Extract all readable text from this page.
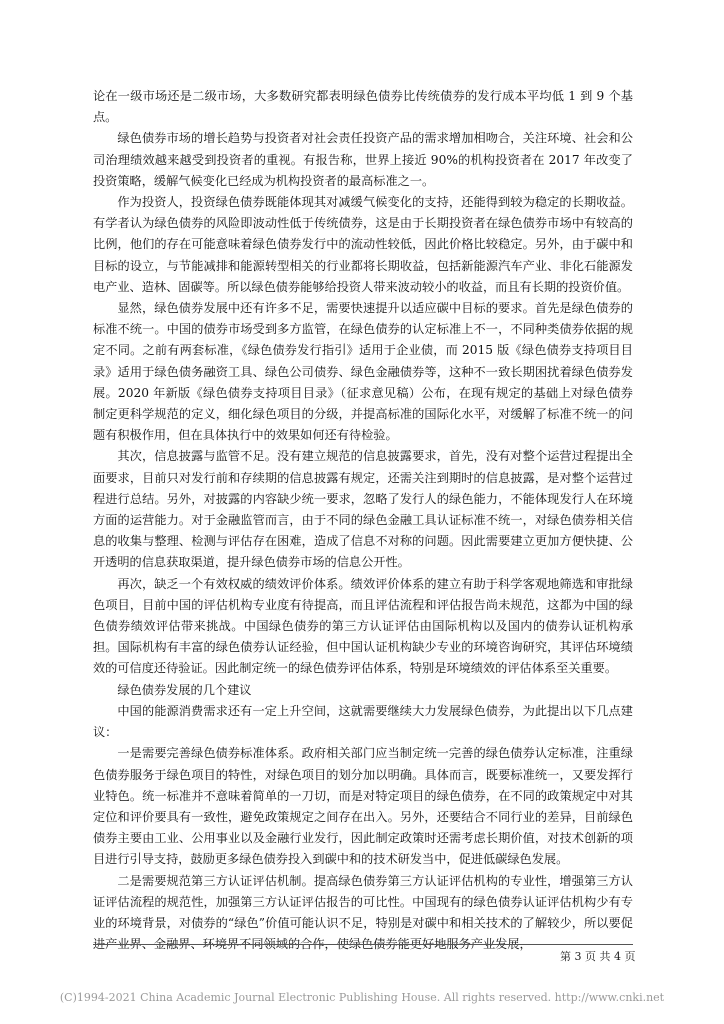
论在一级市场还是二级市场，大多数研究都表明绿色债券比传统债券的发行成本平均低 1 到 9 个基点。

绿色债券市场的增长趋势与投资者对社会责任投资产品的需求增加相吻合，关注环境、社会和公司治理绩效越来越受到投资者的重视。有报告称，世界上接近 90%的机构投资者在 2017 年改变了投资策略，缓解气候变化已经成为机构投资者的最高标准之一。

作为投资人，投资绿色债券既能体现其对减缓气候变化的支持，还能得到较为稳定的长期收益。有学者认为绿色债券的风险即波动性低于传统债券，这是由于长期投资者在绿色债券市场中有较高的比例，他们的存在可能意味着绿色债券发行中的流动性较低，因此价格比较稳定。另外，由于碳中和目标的设立，与节能减排和能源转型相关的行业都将长期收益，包括新能源汽车产业、非化石能源发电产业、造林、固碳等。所以绿色债券能够给投资人带来波动较小的收益，而且有长期的投资价值。

显然，绿色债券发展中还有许多不足，需要快速提升以适应碳中目标的要求。首先是绿色债券的标准不统一。中国的债券市场受到多方监管，在绿色债券的认定标准上不一，不同种类债券依据的规定不同。之前有两套标准，《绿色债券发行指引》适用于企业债，而 2015 版《绿色债券支持项目目录》适用于绿色债务融资工具、绿色公司债券、绿色金融债券等，这种不一致长期困扰着绿色债券发展。2020 年新版《绿色债券支持项目目录》（征求意见稿）公布，在现有规定的基础上对绿色债券制定更科学规范的定义，细化绿色项目的分级，并提高标准的国际化水平，对缓解了标准不统一的问题有积极作用，但在具体执行中的效果如何还有待检验。

其次，信息披露与监管不足。没有建立规范的信息披露要求，首先，没有对整个运营过程提出全面要求，目前只对发行前和存续期的信息披露有规定，还需关注到期时的信息披露，是对整个运营过程进行总结。另外，对披露的内容缺少统一要求，忽略了发行人的绿色能力，不能体现发行人在环境方面的运营能力。对于金融监管而言，由于不同的绿色金融工具认证标准不统一，对绿色债券相关信息的收集与整理、检测与评估存在困难，造成了信息不对称的问题。因此需要建立更加方便快捷、公开透明的信息获取渠道，提升绿色债券市场的信息公开性。

再次，缺乏一个有效权威的绩效评价体系。绩效评价体系的建立有助于科学客观地筛选和审批绿色项目，目前中国的评估机构专业度有待提高，而且评估流程和评估报告尚未规范，这都为中国的绿色债券绩效评估带来挑战。中国绿色债券的第三方认证评估由国际机构以及国内的债券认证机构承担。国际机构有丰富的绿色债券认证经验，但中国认证机构缺少专业的环境咨询研究，其评估环境绩效的可信度还待验证。因此制定统一的绿色债券评估体系，特别是环境绩效的评估体系至关重要。

绿色债券发展的几个建议

中国的能源消费需求还有一定上升空间，这就需要继续大力发展绿色债券，为此提出以下几点建议：

一是需要完善绿色债券标准体系。政府相关部门应当制定统一完善的绿色债券认定标准，注重绿色债券服务于绿色项目的特性，对绿色项目的划分加以明确。具体而言，既要标准统一，又要发挥行业特色。统一标准并不意味着简单的一刀切，而是对特定项目的绿色债券，在不同的政策规定中对其定位和评价要具有一致性，避免政策规定之间存在出入。另外，还要结合不同行业的差异，目前绿色债券主要由工业、公用事业以及金融行业发行，因此制定政策时还需考虑长期价值，对技术创新的项目进行引导支持，鼓励更多绿色债券投入到碳中和的技术研发当中，促进低碳绿色发展。

二是需要规范第三方认证评估机制。提高绿色债券第三方认证评估机构的专业性，增强第三方认证评估流程的规范性，加强第三方认证评估报告的可比性。中国现有的绿色债券认证评估机构少有专业的环境背景，对债券的“绿色”价值可能认识不足，特别是对碳中和相关技术的了解较少，所以要促进产业界、金融界、环境界不同领域的合作，使绿色债券能更好地服务产业发展，

第 3 页 共 4 页
(C)1994-2021 China Academic Journal Electronic Publishing House. All rights reserved. http://www.cnki.net
